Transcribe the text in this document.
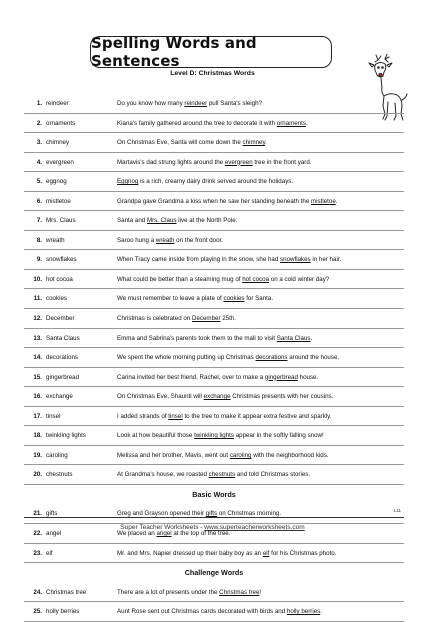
Spelling Words and Sentences
Level D: Christmas Words
1. reindeer	Do you know how many reindeer pull Santa's sleigh?
2. ornaments	Kiana's family gathered around the tree to decorate it with ornaments.
3. chimney	On Christmas Eve, Santa will come down the chimney.
4. evergreen	Martavis's dad strung lights around the evergreen tree in the front yard.
5. eggnog	Eggnog is a rich, creamy dairy drink served around the holidays.
6. mistletoe	Grandpa gave Grandma a kiss when he saw her standing beneath the mistletoe.
7. Mrs. Claus	Santa and Mrs. Claus live at the North Pole.
8. wreath	Saroo hung a wreath on the front door.
9. snowflakes	When Tracy came inside from playing in the snow, she had snowflakes in her hair.
10. hot cocoa	What could be better than a steaming mug of hot cocoa on a cold winter day?
11. cookies	We must remember to leave a plate of cookies for Santa.
12. December	Christmas is celebrated on December 25th.
13. Santa Claus	Emma and Sabrina's parents took them to the mall to visit Santa Claus.
14. decorations	We spent the whole morning putting up Christmas decorations around the house.
15. gingerbread	Carina invited her best friend, Rachel, over to make a gingerbread house.
16. exchange	On Christmas Eve, Shaunti will exchange Christmas presents with her cousins.
17. tinsel	I added strands of tinsel to the tree to make it appear extra festive and sparkly.
18. twinkling lights	Look at how beautiful those twinkling lights appear in the softly falling snow!
19. caroling	Melissa and her brother, Mavis, went out caroling with the neighborhood kids.
20. chestnuts	At Grandma's house, we roasted chestnuts and told Christmas stories.
Basic Words
21. gifts	Greg and Grayson opened their gifts on Christmas morning.
22. angel	We placed an angel at the top of the tree.
23. elf	Mr. and Mrs. Napier dressed up their baby boy as an elf for his Christmas photo.
Challenge Words
24. Christmas tree	There are a lot of presents under the Christmas tree!
25. holly berries	Aunt Rose sent out Christmas cards decorated with birds and holly berries.
L11
Super Teacher Worksheets - www.superteacherworksheets.com
